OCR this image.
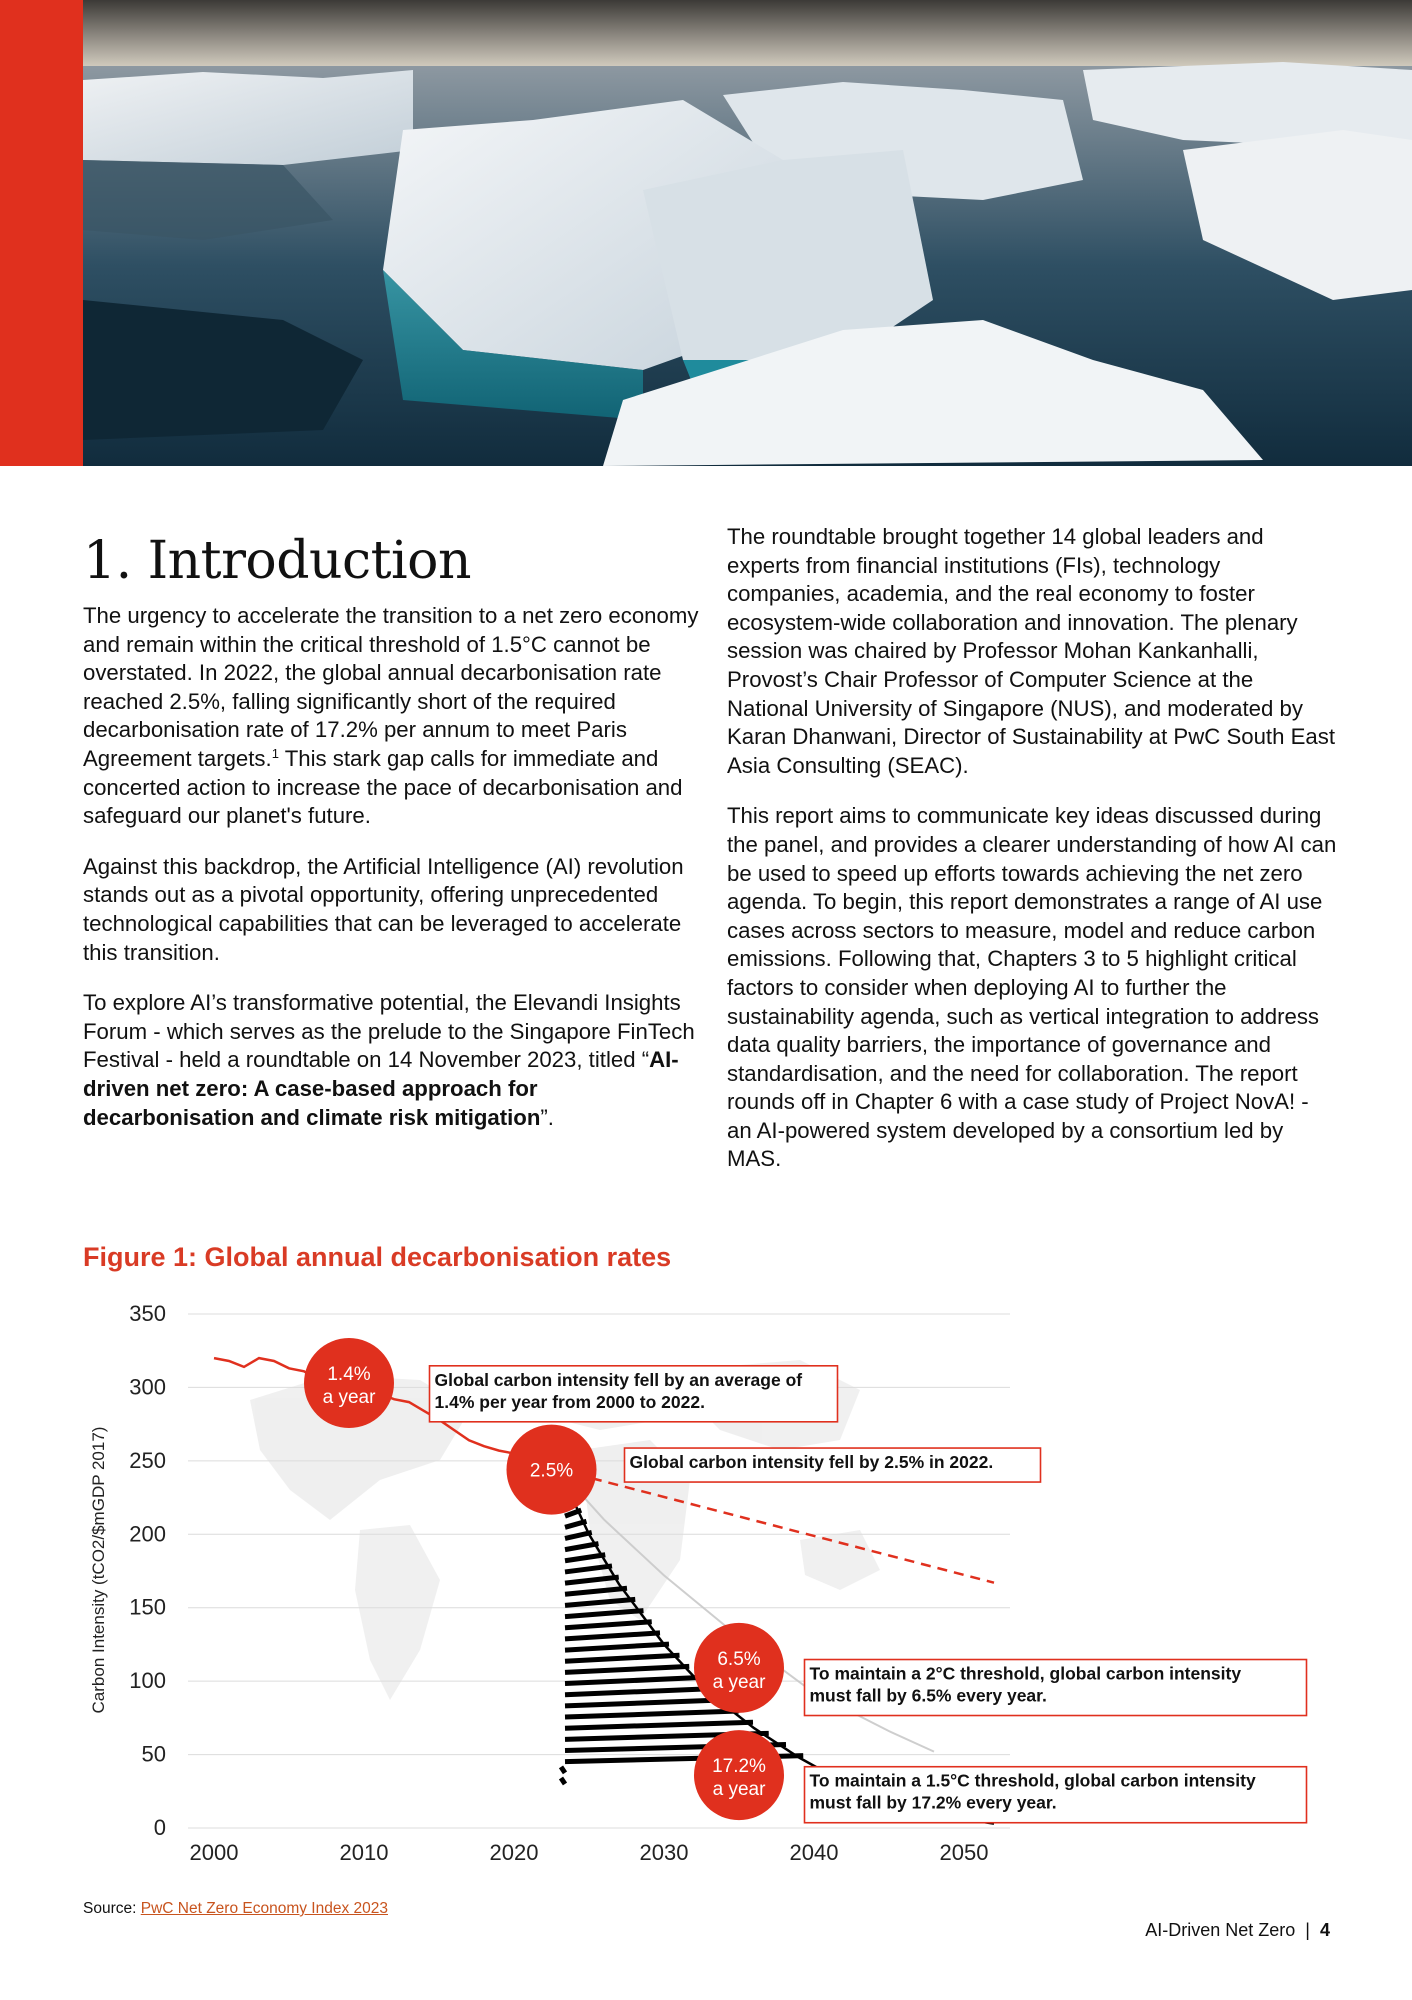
1. Introduction

The urgency to accelerate the transition to a net zero economy and remain within the critical threshold of 1.5°C cannot be overstated. In 2022, the global annual decarbonisation rate reached 2.5%, falling significantly short of the required decarbonisation rate of 17.2% per annum to meet Paris Agreement targets.$^1$ This stark gap calls for immediate and concerted action to increase the pace of decarbonisation and safeguard our planet's future.

Against this backdrop, the Artificial Intelligence (AI) revolution stands out as a pivotal opportunity, offering unprecedented technological capabilities that can be leveraged to accelerate this transition.

To explore AI’s transformative potential, the Elevandi Insights Forum - which serves as the prelude to the Singapore FinTech Festival - held a roundtable on 14 November 2023, titled “AI-driven net zero: A case-based approach for decarbonisation and climate risk mitigation”.

The roundtable brought together 14 global leaders and experts from financial institutions (FIs), technology companies, academia, and the real economy to foster ecosystem-wide collaboration and innovation. The plenary session was chaired by Professor Mohan Kankanhalli, Provost’s Chair Professor of Computer Science at the National University of Singapore (NUS), and moderated by Karan Dhanwani, Director of Sustainability at PwC South East Asia Consulting (SEAC).

This report aims to communicate key ideas discussed during the panel, and provides a clearer understanding of how AI can be used to speed up efforts towards achieving the net zero agenda. To begin, this report demonstrates a range of AI use cases across sectors to measure, model and reduce carbon emissions. Following that, Chapters 3 to 5 highlight critical factors to consider when deploying AI to further the sustainability agenda, such as vertical integration to address data quality barriers, the importance of governance and standardisation, and the need for collaboration. The report rounds off in Chapter 6 with a case study of Project NovA! - an AI-powered system developed by a consortium led by MAS.

Figure 1: Global annual decarbonisation rates
0
50
100
150
200
250
300
350
2000	2010	2020	2030	2040	2050
Global carbon intensity fell by an average of 1.4% per year from 2000 to 2022.
Global carbon intensity fell by 2.5% in 2022.
To maintain a 2°C threshold, global carbon intensity must fall by 6.5% every year.
To maintain a 1.5°C threshold, global carbon intensity must fall by 17.2% every year.
1.4% a year
2.5%
6.5% a year
17.2% a year
Carbon Intensity (tCO2/$mGDP 2017)
Source: PwC Net Zero Economy Index 2023
AI-Driven Net Zero | 4
